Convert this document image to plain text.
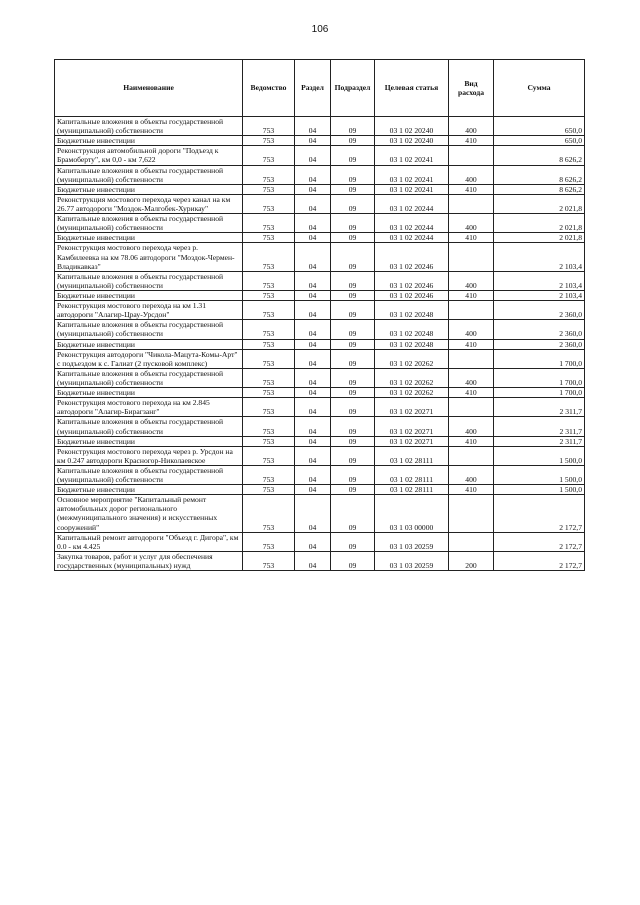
106
Наименование	Ведомство	Раздел	Подраздел	Целевая статья	Вид расхода	Сумма
Капитальные вложения в объекты государственной (муниципальной) собственности	753	04	09	03 1 02 20240	400	650,0
Бюджетные инвестиции	753	04	09	03 1 02 20240	410	650,0
Реконструкция автомобильной дороги "Подъезд к Брамоберту", км 0,0 - км 7,622	753	04	09	03 1 02 20241		8 626,2
Капитальные вложения в объекты государственной (муниципальной) собственности	753	04	09	03 1 02 20241	400	8 626,2
Бюджетные инвестиции	753	04	09	03 1 02 20241	410	8 626,2
Реконструкция мостового перехода через канал на км 26.77 автодороги "Моздок-Малгобек-Хурикау"	753	04	09	03 1 02 20244		2 021,8
Капитальные вложения в объекты государственной (муниципальной) собственности	753	04	09	03 1 02 20244	400	2 021,8
Бюджетные инвестиции	753	04	09	03 1 02 20244	410	2 021,8
Реконструкция мостового перехода через р. Камбилеевка на км 78.06 автодороги "Моздок-Чермен-Владикавказ"	753	04	09	03 1 02 20246		2 103,4
Капитальные вложения в объекты государственной (муниципальной) собственности	753	04	09	03 1 02 20246	400	2 103,4
Бюджетные инвестиции	753	04	09	03 1 02 20246	410	2 103,4
Реконструкция мостового перехода на км 1.31 автодороги "Алагир-Црау-Урсдон"	753	04	09	03 1 02 20248		2 360,0
Капитальные вложения в объекты государственной (муниципальной) собственности	753	04	09	03 1 02 20248	400	2 360,0
Бюджетные инвестиции	753	04	09	03 1 02 20248	410	2 360,0
Реконструкция автодороги "Чикола-Мацута-Комы-Арт" с подъездом к с. Галиат (2 пусковой комплекс)	753	04	09	03 1 02 20262		1 700,0
Капитальные вложения в объекты государственной (муниципальной) собственности	753	04	09	03 1 02 20262	400	1 700,0
Бюджетные инвестиции	753	04	09	03 1 02 20262	410	1 700,0
Реконструкция мостового перехода на км 2.845 автодороги "Алагир-Бирагзанг"	753	04	09	03 1 02 20271		2 311,7
Капитальные вложения в объекты государственной (муниципальной) собственности	753	04	09	03 1 02 20271	400	2 311,7
Бюджетные инвестиции	753	04	09	03 1 02 20271	410	2 311,7
Реконструкция мостового перехода через р. Урсдон на км 0.247 автодороги Красногор-Николаевское	753	04	09	03 1 02 28111		1 500,0
Капитальные вложения в объекты государственной (муниципальной) собственности	753	04	09	03 1 02 28111	400	1 500,0
Бюджетные инвестиции	753	04	09	03 1 02 28111	410	1 500,0
Основное мероприятие "Капитальный ремонт автомобильных дорог регионального (межмуниципального значения) и искусственных сооружений"	753	04	09	03 1 03 00000		2 172,7
Капитальный ремонт автодороги "Объезд г. Дигора", км 0.0 - км 4.425	753	04	09	03 1 03 20259		2 172,7
Закупка товаров, работ и услуг для обеспечения государственных (муниципальных) нужд	753	04	09	03 1 03 20259	200	2 172,7
